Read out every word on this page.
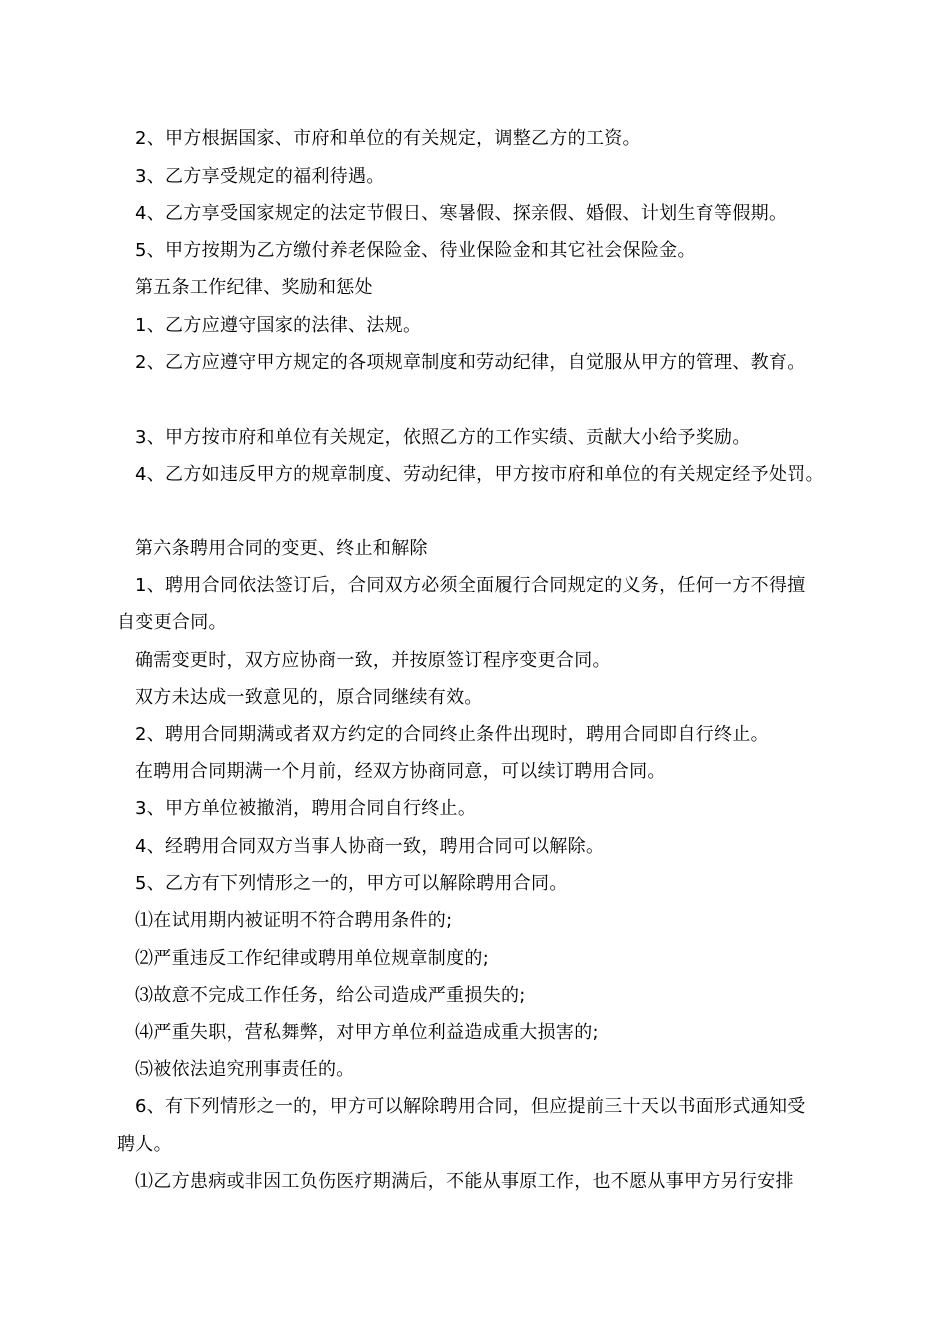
2、甲方根据国家、市府和单位的有关规定，调整乙方的工资。
3、乙方享受规定的福利待遇。
4、乙方享受国家规定的法定节假日、寒暑假、探亲假、婚假、计划生育等假期。
5、甲方按期为乙方缴付养老保险金、待业保险金和其它社会保险金。
第五条工作纪律、奖励和惩处
1、乙方应遵守国家的法律、法规。
2、乙方应遵守甲方规定的各项规章制度和劳动纪律，自觉服从甲方的管理、教育。
3、甲方按市府和单位有关规定，依照乙方的工作实绩、贡献大小给予奖励。
4、乙方如违反甲方的规章制度、劳动纪律，甲方按市府和单位的有关规定经予处罚。
第六条聘用合同的变更、终止和解除
1、聘用合同依法签订后，合同双方必须全面履行合同规定的义务，任何一方不得擅
自变更合同。
确需变更时，双方应协商一致，并按原签订程序变更合同。
双方未达成一致意见的，原合同继续有效。
2、聘用合同期满或者双方约定的合同终止条件出现时，聘用合同即自行终止。
在聘用合同期满一个月前，经双方协商同意，可以续订聘用合同。
3、甲方单位被撤消，聘用合同自行终止。
4、经聘用合同双方当事人协商一致，聘用合同可以解除。
5、乙方有下列情形之一的，甲方可以解除聘用合同。
⑴在试用期内被证明不符合聘用条件的;
⑵严重违反工作纪律或聘用单位规章制度的;
⑶故意不完成工作任务，给公司造成严重损失的;
⑷严重失职，营私舞弊，对甲方单位利益造成重大损害的;
⑸被依法追究刑事责任的。
6、有下列情形之一的，甲方可以解除聘用合同，但应提前三十天以书面形式通知受
聘人。
⑴乙方患病或非因工负伤医疗期满后，不能从事原工作，也不愿从事甲方另行安排
